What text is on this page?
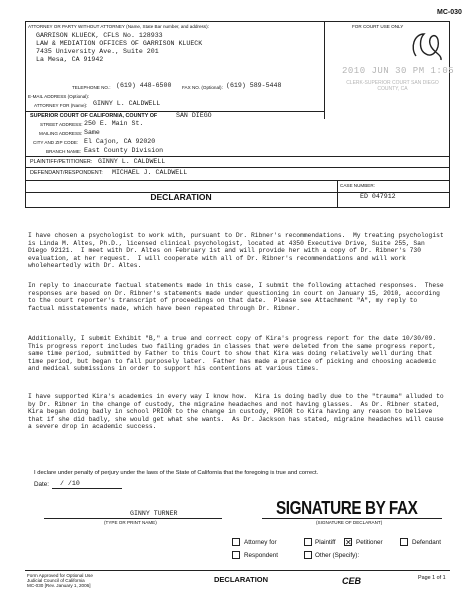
MC-030
ATTORNEY OR PARTY WITHOUT ATTORNEY (Name, State Bar number, and address):	FOR COURT USE ONLY
GARRISON KLUECK, CFLS No. 128933
LAW & MEDIATION OFFICES OF GARRISON KLUECK
7435 University Ave., Suite 201
La Mesa, CA 91942
TELEPHONE NO.: (619) 448-6500 FAX NO. (Optional): (619) 589-5448
E-MAIL ADDRESS (Optional):
ATTORNEY FOR (Name): GINNY L. CALDWELL
2010 JUN 30 PM 1:05
CLERK-SUPERIOR COURT SAN DIEGO COUNTY, CA
SUPERIOR COURT OF CALIFORNIA, COUNTY OF	SAN DIEGO
STREET ADDRESS: 250 E. Main St.
MAILING ADDRESS: Same
CITY AND ZIP CODE: El Cajon, CA 92020
BRANCH NAME: East County Division
PLAINTIFF/PETITIONER: GINNY L. CALDWELL
DEFENDANT/RESPONDENT: MICHAEL J. CALDWELL
DECLARATION
CASE NUMBER:
ED 047912
I have chosen a psychologist to work with, pursuant to Dr. Ribner's recommendations.  My treating psychologist is Linda M. Altes, Ph.D., licensed clinical psychologist, located at 4350 Executive Drive, Suite 255, San Diego 92121.  I meet with Dr. Altes on February 1st and will provide her with a copy of Dr. Ribner's 730 evaluation, at her request.  I will cooperate with all of Dr. Ribner's recommendations and will work wholeheartedly with Dr. Altes.
In reply to inaccurate factual statements made in this case, I submit the following attached responses.  These responses are based on Dr. Ribner's statements made under questioning in court on January 15, 2010, according to the court reporter's transcript of proceedings on that date.  Please see Attachment "A", my reply to factual misstatements made, which have been repeated through Dr. Ribner.
Additionally, I submit Exhibit "B," a true and correct copy of Kira's progress report for the date 10/30/09.  This progress report includes two failing grades in classes that were deleted from the same progress report, same time period, submitted by Father to this Court to show that Kira was doing relatively well during that time period, but began to fall purposely later.  Father has made a practice of picking and choosing academic and medical submissions in order to support his contentions at various times.
I have supported Kira's academics in every way I know how.  Kira is doing badly due to the "trauma" alluded to by Dr. Ribner in the change of custody, the migraine headaches and not having glasses.  As Dr. Ribner stated, Kira began doing badly in school PRIOR to the change in custody, PRIOR to Kira having any reason to believe that if she did badly, she would get what she wants.  As Dr. Jackson has stated, migraine headaches will cause a severe drop in academic success.
I declare under penalty of perjury under the laws of the State of California that the foregoing is true and correct.
Date: / /10
GINNY TURNER
(TYPE OR PRINT NAME)
SIGNATURE BY FAX
(SIGNATURE OF DECLARANT)
Attorney for	Plaintiff ✕ Petitioner	Defendant
Respondent	Other (Specify):
Form Approved for Optional Use
Judicial Council of California
MC-030 [Rev. January 1, 2006]
DECLARATION	CEB	Page 1 of 1
